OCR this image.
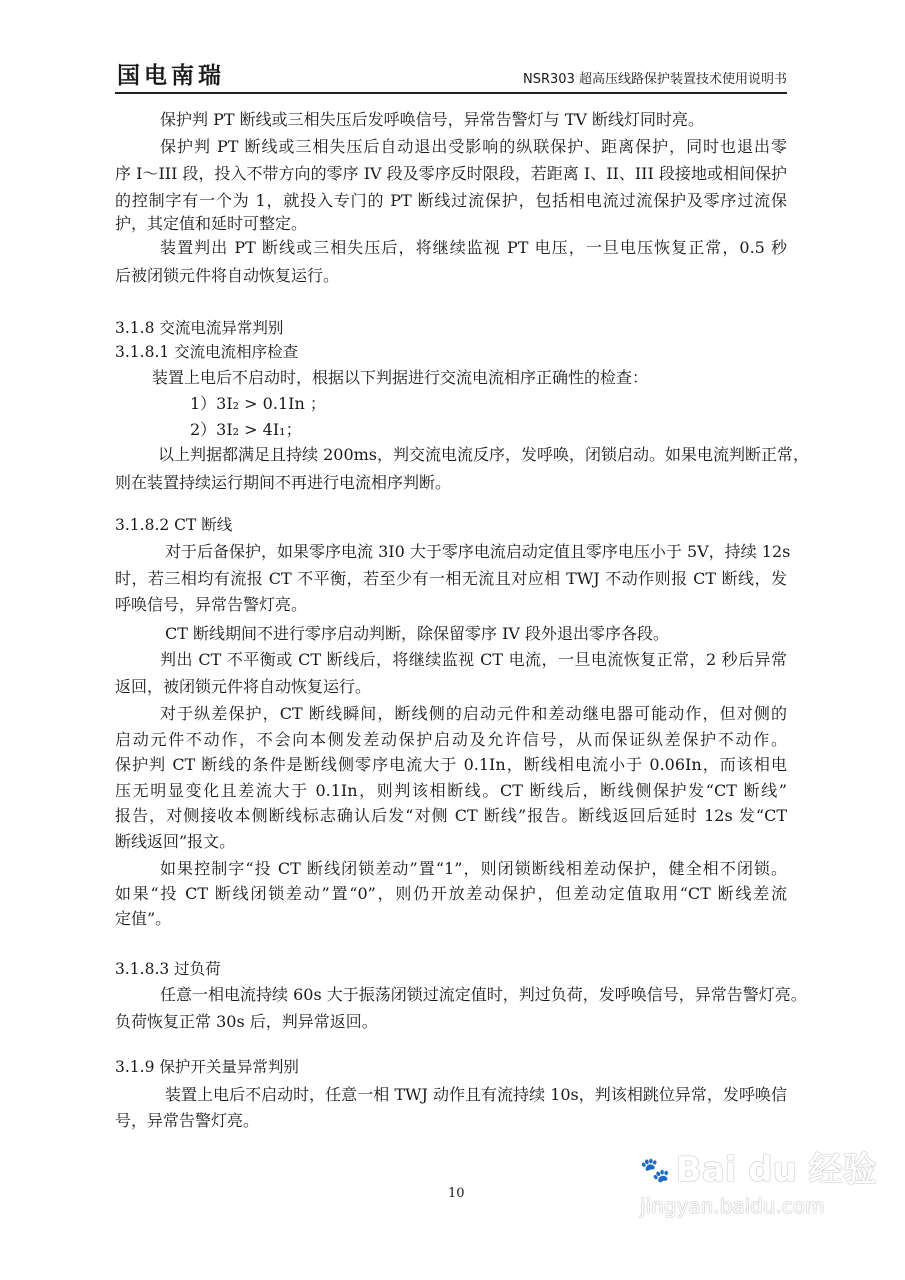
国电南瑞	NSR303 超高压线路保护装置技术使用说明书
保护判 PT 断线或三相失压后发呼唤信号，异常告警灯与 TV 断线灯同时亮。
保护判 PT 断线或三相失压后自动退出受影响的纵联保护、距离保护，同时也退出零
序 I～III 段，投入不带方向的零序 IV 段及零序反时限段，若距离 I、II、III 段接地或相间保护
的控制字有一个为 1，就投入专门的 PT 断线过流保护，包括相电流过流保护及零序过流保
护，其定值和延时可整定。
装置判出 PT 断线或三相失压后，将继续监视 PT 电压，一旦电压恢复正常，0.5 秒
后被闭锁元件将自动恢复运行。
3.1.8 交流电流异常判别
3.1.8.1 交流电流相序检查
装置上电后不启动时，根据以下判据进行交流电流相序正确性的检查：
1）3I₂ > 0.1In ；
2）3I₂ > 4I₁；
以上判据都满足且持续 200ms，判交流电流反序，发呼唤，闭锁启动。如果电流判断正常，
则在装置持续运行期间不再进行电流相序判断。
3.1.8.2 CT 断线
对于后备保护，如果零序电流 3I0 大于零序电流启动定值且零序电压小于 5V，持续 12s
时，若三相均有流报 CT 不平衡，若至少有一相无流且对应相 TWJ 不动作则报 CT 断线，发
呼唤信号，异常告警灯亮。
CT 断线期间不进行零序启动判断，除保留零序 IV 段外退出零序各段。
判出 CT 不平衡或 CT 断线后，将继续监视 CT 电流，一旦电流恢复正常，2 秒后异常
返回，被闭锁元件将自动恢复运行。
对于纵差保护，CT 断线瞬间，断线侧的启动元件和差动继电器可能动作，但对侧的
启动元件不动作，不会向本侧发差动保护启动及允许信号，从而保证纵差保护不动作。
保护判 CT 断线的条件是断线侧零序电流大于 0.1In，断线相电流小于 0.06In，而该相电
压无明显变化且差流大于 0.1In，则判该相断线。CT 断线后，断线侧保护发“CT 断线”
报告，对侧接收本侧断线标志确认后发“对侧 CT 断线”报告。断线返回后延时 12s 发“CT
断线返回”报文。
如果控制字“投 CT 断线闭锁差动”置“1”，则闭锁断线相差动保护，健全相不闭锁。
如果“投 CT 断线闭锁差动”置“0”，则仍开放差动保护，但差动定值取用“CT 断线差流
定值”。
3.1.8.3 过负荷
任意一相电流持续 60s 大于振荡闭锁过流定值时，判过负荷，发呼唤信号，异常告警灯亮。
负荷恢复正常 30s 后，判异常返回。
3.1.9 保护开关量异常判别
装置上电后不启动时，任意一相 TWJ 动作且有流持续 10s，判该相跳位异常，发呼唤信
号，异常告警灯亮。
10
🐾 Bai du 经验
jingyan.baidu.com
